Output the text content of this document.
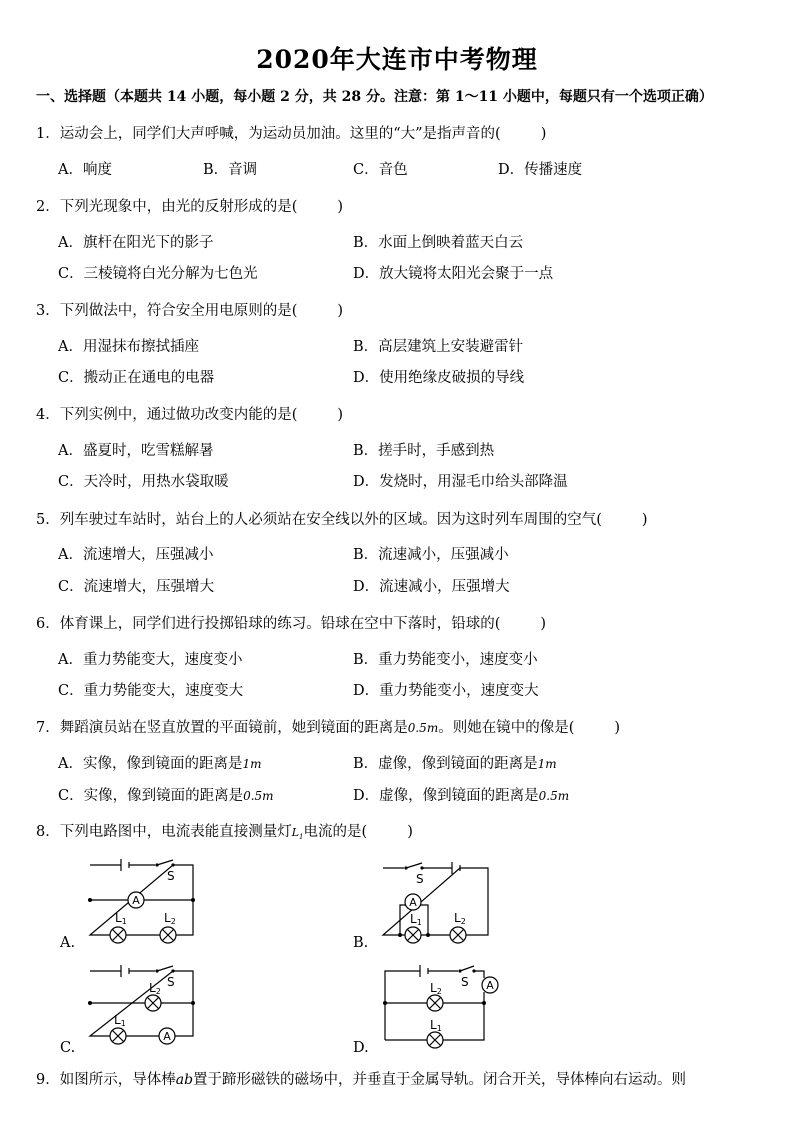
2020年大连市中考物理
一、选择题（本题共 14 小题，每小题 2 分，共 28 分。注意：第 1～11 小题中，每题只有一个选项正确）
1．运动会上，同学们大声呼喊，为运动员加油。这里的“大”是指声音的(	)
A．响度	B．音调	C．音色	D．传播速度
2．下列光现象中，由光的反射形成的是(	)
A．旗杆在阳光下的影子	B．水面上倒映着蓝天白云
C．三棱镜将白光分解为七色光	D．放大镜将太阳光会聚于一点
3．下列做法中，符合安全用电原则的是(	)
A．用湿抹布擦拭插座	B．高层建筑上安装避雷针
C．搬动正在通电的电器	D．使用绝缘皮破损的导线
4．下列实例中，通过做功改变内能的是(	)
A．盛夏时，吃雪糕解暑	B．搓手时，手感到热
C．天冷时，用热水袋取暖	D．发烧时，用湿毛巾给头部降温
5．列车驶过车站时，站台上的人必须站在安全线以外的区域。因为这时列车周围的空气(	)
A．流速增大，压强减小	B．流速减小，压强减小
C．流速增大，压强增大	D．流速减小，压强增大
6．体育课上，同学们进行投掷铅球的练习。铅球在空中下落时，铅球的(	)
A．重力势能变大，速度变小	B．重力势能变小，速度变小
C．重力势能变大，速度变大	D．重力势能变小，速度变大
7．舞蹈演员站在竖直放置的平面镜前，她到镜面的距离是0.5m。则她在镜中的像是(	)
A．实像，像到镜面的距离是1m	B．虚像，像到镜面的距离是1m
C．实像，像到镜面的距离是0.5m	D．虚像，像到镜面的距离是0.5m
8．下列电路图中，电流表能直接测量灯$L_1$电流的是(	)
A.	B.
C.	D.
A
S
L1	L2
A
S
L1	L2
A
S
L2
L1
A
S
L2
L1
9．如图所示，导体棒ab置于蹄形磁铁的磁场中，并垂直于金属导轨。闭合开关，导体棒向右运动。则
